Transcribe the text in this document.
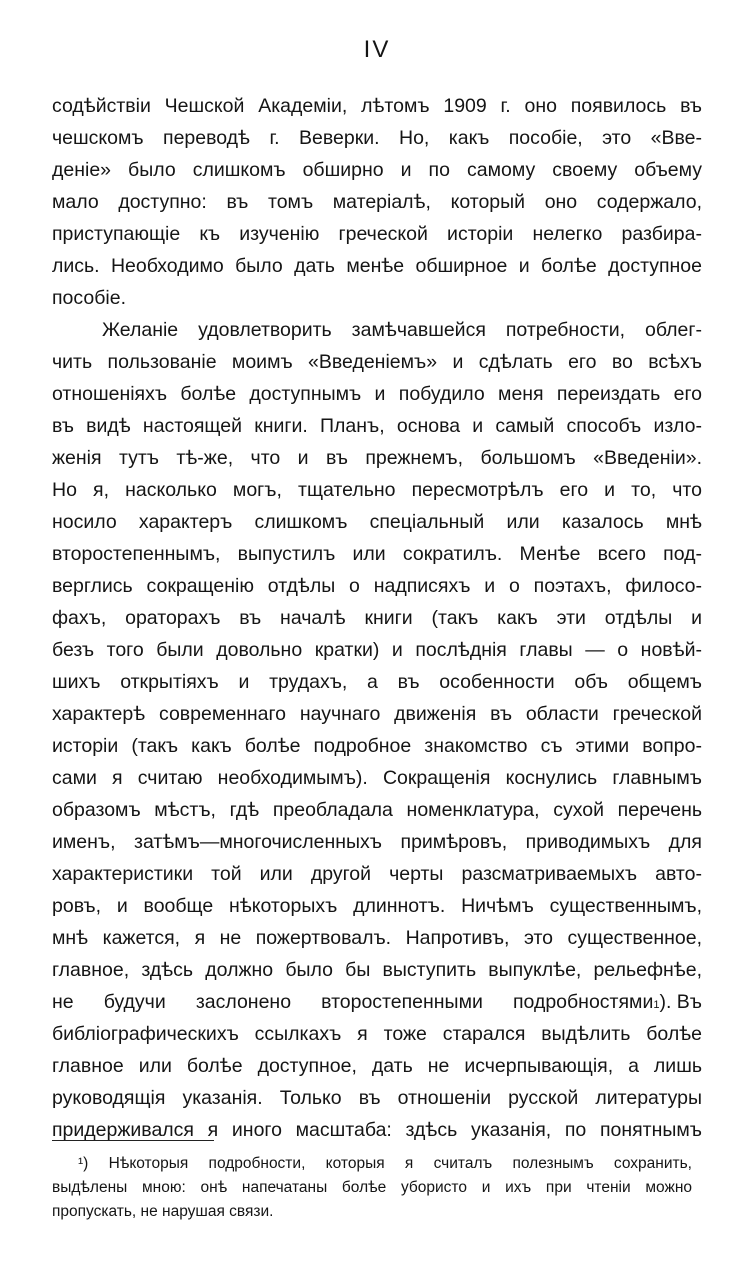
IV
содѣйствіи Чешской Академіи, лѣтомъ 1909 г. оно появилось въ
чешскомъ переводѣ г. Веверки. Но, какъ пособіе, это «Вве-
деніе» было слишкомъ обширно и по самому своему объему
мало доступно: въ томъ матеріалѣ, который оно содержало,
приступающіе къ изученію греческой исторіи нелегко разбира-
лись. Необходимо было дать менѣе обширное и болѣе доступное
пособіе.
Желаніе удовлетворить замѣчавшейся потребности, облег-
чить пользованіе моимъ «Введеніемъ» и сдѣлать его во всѣхъ
отношеніяхъ болѣе доступнымъ и побудило меня переиздать его
въ видѣ настоящей книги. Планъ, основа и самый способъ изло-
женія тутъ тѣ-же, что и въ прежнемъ, большомъ «Введеніи».
Но я, насколько могъ, тщательно пересмотрѣлъ его и то, что
носило характеръ слишкомъ спеціальный или казалось мнѣ
второстепеннымъ, выпустилъ или сократилъ. Менѣе всего под-
верглись сокращенію отдѣлы о надписяхъ и о поэтахъ, филосо-
фахъ, ораторахъ въ началѣ книги (такъ какъ эти отдѣлы и
безъ того были довольно кратки) и послѣднія главы — о новѣй-
шихъ открытіяхъ и трудахъ, а въ особенности объ общемъ
характерѣ современнаго научнаго движенія въ области греческой
исторіи (такъ какъ болѣе подробное знакомство съ этими вопро-
сами я считаю необходимымъ). Сокращенія коснулись главнымъ
образомъ мѣстъ, гдѣ преобладала номенклатура, сухой перечень
именъ, затѣмъ—многочисленныхъ примѣровъ, приводимыхъ для
характеристики той или другой черты разсматриваемыхъ авто-
ровъ, и вообще нѣкоторыхъ длиннотъ. Ничѣмъ существеннымъ,
мнѣ кажется, я не пожертвовалъ. Напротивъ, это существенное,
главное, здѣсь должно было бы выступить выпуклѣе, рельефнѣе,
не будучи заслонено второстепенными подробностями 1 ). Въ
библіографическихъ ссылкахъ я тоже старался выдѣлить болѣе
главное или болѣе доступное, дать не исчерпывающія, а лишь
руководящія указанія. Только въ отношеніи русской литературы
придерживался я иного масштаба: здѣсь указанія, по понятнымъ
¹) Нѣкоторыя подробности, которыя я считалъ полезнымъ сохранить,
выдѣлены мною: онѣ напечатаны болѣе убористо и ихъ при чтеніи можно
пропускать, не нарушая связи.
